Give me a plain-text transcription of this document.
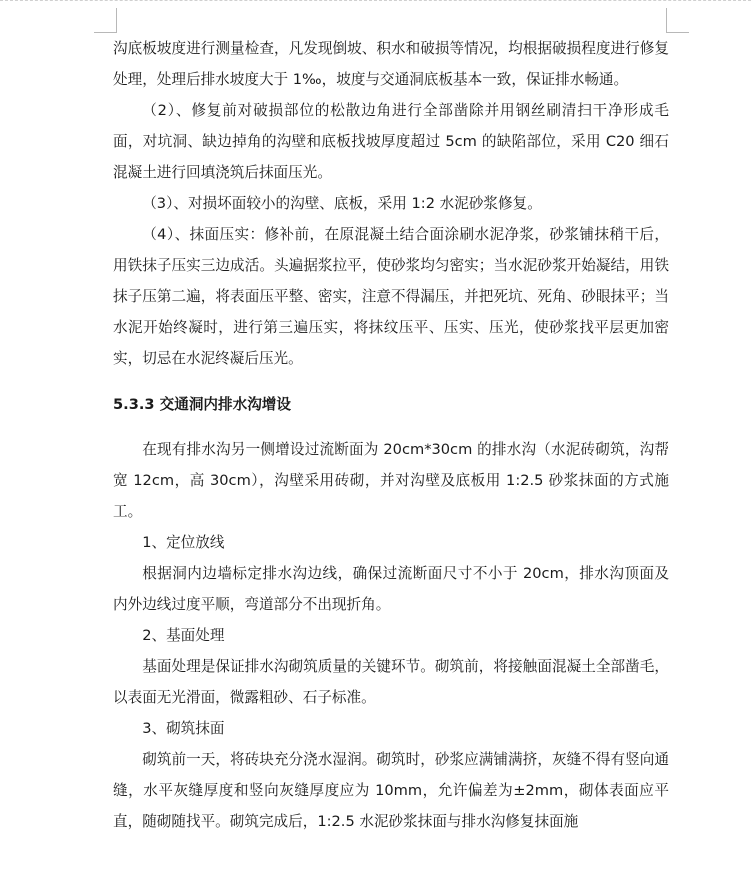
沟底板坡度进行测量检查，凡发现倒坡、积水和破损等情况，均根据破损程度进行修复处理，处理后排水坡度大于 1‰，坡度与交通洞底板基本一致，保证排水畅通。

（2）、修复前对破损部位的松散边角进行全部凿除并用钢丝刷清扫干净形成毛面，对坑洞、缺边掉角的沟壁和底板找坡厚度超过 5cm 的缺陷部位，采用 C20 细石混凝土进行回填浇筑后抹面压光。

（3）、对损坏面较小的沟壁、底板，采用 1:2 水泥砂浆修复。

（4）、抹面压实：修补前，在原混凝土结合面涂刷水泥净浆，砂浆铺抹稍干后，用铁抹子压实三边成活。头遍据浆拉平，使砂浆均匀密实；当水泥砂浆开始凝结，用铁抹子压第二遍，将表面压平整、密实，注意不得漏压，并把死坑、死角、砂眼抹平；当水泥开始终凝时，进行第三遍压实，将抹纹压平、压实、压光，使砂浆找平层更加密实，切忌在水泥终凝后压光。

5.3.3 交通洞内排水沟增设

在现有排水沟另一侧增设过流断面为 20cm*30cm 的排水沟（水泥砖砌筑，沟帮宽 12cm，高 30cm），沟壁采用砖砌，并对沟壁及底板用 1:2.5 砂浆抹面的方式施工。

1、定位放线

根据洞内边墙标定排水沟边线，确保过流断面尺寸不小于 20cm，排水沟顶面及内外边线过度平顺，弯道部分不出现折角。

2、基面处理

基面处理是保证排水沟砌筑质量的关键环节。砌筑前，将接触面混凝土全部凿毛，以表面无光滑面，微露粗砂、石子标准。

3、砌筑抹面

砌筑前一天，将砖块充分浇水湿润。砌筑时，砂浆应满铺满挤，灰缝不得有竖向通缝，水平灰缝厚度和竖向灰缝厚度应为 10mm，允许偏差为±2mm，砌体表面应平直，随砌随找平。砌筑完成后，1:2.5 水泥砂浆抹面与排水沟修复抹面施
